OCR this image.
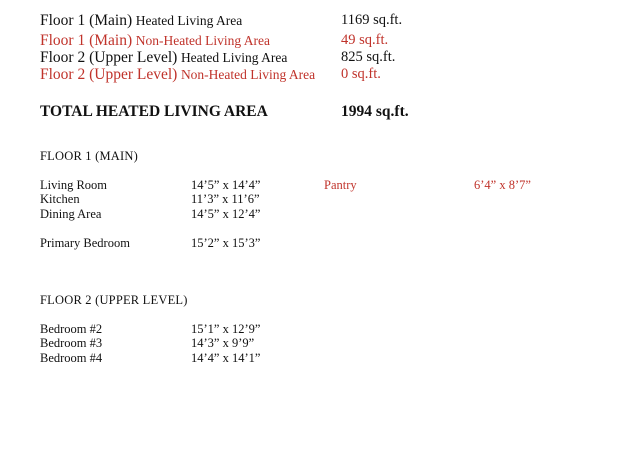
Floor 1 (Main) Heated Living Area	1169 sq.ft.
Floor 1 (Main) Non-Heated Living Area	49 sq.ft.
Floor 2 (Upper Level) Heated Living Area	825 sq.ft.
Floor 2 (Upper Level) Non-Heated Living Area 0 sq.ft.
TOTAL HEATED LIVING AREA	1994 sq.ft.
FLOOR 1 (MAIN)
Living Room	14’5” x 14’4”	Pantry	6’4” x 8’7”
Kitchen	11’3” x 11’6”
Dining Area	14’5” x 12’4”
Primary Bedroom	15’2” x 15’3”
FLOOR 2 (UPPER LEVEL)
Bedroom #2	15’1” x 12’9”
Bedroom #3	14’3” x 9’9”
Bedroom #4	14’4” x 14’1”
